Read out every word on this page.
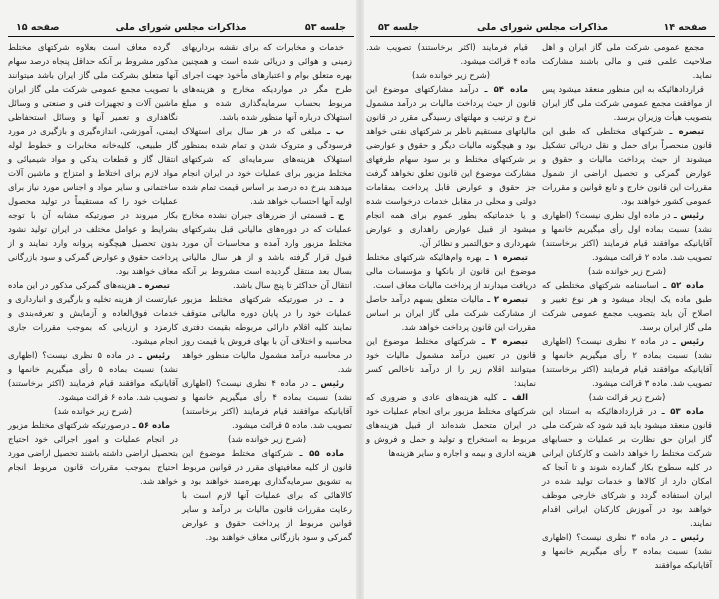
جلسه ۵۳
مذاکرات مجلس شورای ملی
صفحه ۱۵

خدمات و مخابرات که برای نقشه برداریهای زمینی و هوائی و دریائی شده است و همچنین بهره متعلق بوام و اعتبارهای مأخوذ جهت اجرای طرح مگر در مواردیکه مخارج و هزینه‌های مربوط بحساب سرمایه‌گذاری شده و مبلغ استهلاک درباره آنها منظور شده باشد.

ب ـ مبلغی که در هر سال برای استهلاک فرسودگی و متروک شدن و تمام شده بمنظور استهلاک هزینه‌های سرمایه‌ای که شرکتهای مختلط مزبور برای عملیات خود در ایران انجام میدهند بنرخ ده درصد بر اساس قیمت تمام شده اولیه آنها احتساب خواهد شد.

ج ـ قسمتی از ضررهای جبران نشده مخارج عملیات که در دوره‌های مالیاتی قبل بشرکتهای مختلط مزبور وارد آمده و محاسبات آن مورد قبول قرار گرفته باشد و از هر سال مالیاتی بسال بعد منتقل گردیده است مشروط بر آنکه انتقال آن حداکثر تا پنج سال باشد.

د ـ در صورتیکه شرکتهای مختلط مزبور عملیات خود را در پایان دوره مالیاتی متوقف نمایند کلیه اقلام دارائی مربوطه بقیمت دفتری محاسبه و اختلاف آن با بهای فروش یا قیمت روز در محاسبه درآمد مشمول مالیات منظور خواهد شد.

رئیس ـ در ماده ۴ نظری نیست؟ (اظهاری نشد) نسبت بماده ۴ رأی میگیریم خانمها و آقایانیکه موافقند قیام فرمایند (اکثر برخاستند) تصویب شد. ماده ۵ قرائت میشود.

(شرح زیر خوانده شد)

ماده ۵۵ ـ شرکتهای مختلط موضوع این قانون از کلیه معافیتهای مقرر در قوانین مربوط به تشویق سرمایه‌گذاری بهره‌مند خواهند بود و کالاهائی که برای عملیات آنها لازم است با رعایت مقررات قانون مالیات بر درآمد و سایر قوانین مربوط از پرداخت حقوق و عوارض گمرکی و سود بازرگانی معاف خواهند بود.

گرده معاف است بعلاوه شرکتهای مختلط مذکور مشروط بر آنکه حداقل پنجاه درصد سهام آنها متعلق بشرکت ملی گاز ایران باشد میتوانند با تصویب مجمع عمومی شرکت ملی گاز ایران ماشین آلات و تجهیزات فنی و صنعتی و وسائل نگاهداری و تعمیر آنها و وسائل استحفاظی ایمنی، آموزشی، اندازه‌گیری و بازگیری در مورد گاز طبیعی، کلیه‌خانه مخابرات و خطوط لوله انتقال گاز و قطعات یدکی و مواد شیمیائی و مواد لازم برای اختلاط و امتزاج و ماشین آلات ساختمانی و سایر مواد و اجناس مورد نیاز برای عملیات خود را که مستقیماً در تولید محصول بکار میروند در صورتیکه مشابه آن با توجه بشرایط و عوامل مختلف در ایران تولید نشود بدون تحصیل هیچگونه پروانه وارد نمایند و از پرداخت حقوق و عوارض گمرکی و سود بازرگانی معاف خواهند بود.

تبصره ـ هزینه‌های گمرکی مذکور در این ماده عبارتست از هزینه تخلیه و بارگیری و انبارداری و خدمات فوق‌العاده و آزمایش و تعرفه‌بندی و کارمزد و ارزیابی که بموجب مقررات جاری انجام میشود.

رئیس ـ در ماده ۵ نظری نیست؟ (اظهاری نشد) نسبت بماده ۵ رأی میگیریم خانمها و آقایانیکه موافقند قیام فرمایند (اکثر برخاستند) تصویب شد. ماده ۶ قرائت میشود.

(شرح زیر خوانده شد)

ماده ۵۶ ـ درصورتیکه شرکتهای مختلط مزبور در انجام عملیات و امور اجرائی خود احتیاج بتحصیل اراضی داشته باشند تحصیل اراضی مورد احتیاج بموجب مقررات قانون مربوط انجام خواهد شد.

صفحه ۱۴
مذاکرات مجلس شورای ملی
جلسه ۵۳

مجمع عمومی شرکت ملی گاز ایران و اهل صلاحیت علمی فنی و مالی باشند مشارکت نماید.

قراردادهائیکه به این منظور منعقد میشود پس از موافقت مجمع عمومی شرکت ملی گاز ایران بتصویب هیأت وزیران برسد.

تبصره ـ شرکتهای مختلطی که طبق این قانون منحصراً برای حمل و نقل دریائی تشکیل میشوند از حیث پرداخت مالیات و حقوق و عوارض گمرکی و تحصیل اراضی از شمول مقررات این قانون خارج و تابع قوانین و مقررات عمومی کشور خواهند بود.

رئیس ـ در ماده اول نظری نیست؟ (اظهاری نشد) نسبت بماده اول رأی میگیریم خانمها و آقایانیکه موافقند قیام فرمایند (اکثر برخاستند) تصویب شد. ماده ۲ قرائت میشود.

(شرح زیر خوانده شد)

ماده ۵۲ ـ اساسنامه شرکتهای مختلطی که طبق ماده یک ایجاد میشود و هر نوع تغییر و اصلاح آن باید بتصویب مجمع عمومی شرکت ملی گاز ایران برسد.

رئیس ـ در ماده ۲ نظری نیست؟ (اظهاری نشد) نسبت بماده ۲ رأی میگیریم خانمها و آقایانیکه موافقند قیام فرمایند (اکثر برخاستند) تصویب شد. ماده ۳ قرائت میشود.

(شرح زیر قرائت شد)

ماده ۵۳ ـ در قراردادهائیکه به استناد این قانون منعقد میشود باید قید شود که شرکت ملی گاز ایران حق نظارت بر عملیات و حسابهای شرکت مختلط را خواهد داشت و کارکنان ایرانی در کلیه سطوح بکار گمارده شوند و تا آنجا که امکان دارد از کالاها و خدمات تولید شده در ایران استفاده گردد و شرکای خارجی موظف خواهند بود در آموزش کارکنان ایرانی اقدام نمایند.

رئیس ـ در ماده ۳ نظری نیست؟ (اظهاری نشد) نسبت بماده ۳ رأی میگیریم خانمها و آقایانیکه موافقند

قیام فرمایند (اکثر برخاستند) تصویب شد. ماده ۴ قرائت میشود.

(شرح زیر خوانده شد)

ماده ۵۴ ـ درآمد مشارکتهای موضوع این قانون از حیث پرداخت مالیات بر درآمد مشمول نرخ و ترتیب و مهلتهای رسیدگی مقرر در قانون مالیاتهای مستقیم ناظر بر شرکتهای نفتی خواهد بود و هیچگونه مالیات دیگر و حقوق و عوارضی بر شرکتهای مختلط و بر سود سهام طرفهای مشارکت موضوع این قانون تعلق نخواهد گرفت جز حقوق و عوارض قابل پرداخت بمقامات دولتی و محلی در مقابل خدمات درخواست شده و یا خدماتیکه بطور عموم برای همه انجام میشود از قبیل عوارض راهداری و عوارض شهرداری و حق‌التمبر و نظائر آن.

تبصره ۱ ـ بهره وام‌هائیکه شرکتهای مختلط موضوع این قانون از بانکها و مؤسسات مالی دریافت میدارند از پرداخت مالیات معاف است.

تبصره ۲ ـ مالیات متعلق بسهم درآمد حاصل از مشارکت شرکت ملی گاز ایران بر اساس مقررات این قانون پرداخت خواهد شد.

تبصره ۳ ـ شرکتهای مختلط موضوع این قانون در تعیین درآمد مشمول مالیات خود میتوانند اقلام زیر را از درآمد ناخالص کسر نمایند:

الف ـ کلیه هزینه‌های عادی و ضروری که شرکتهای مختلط مزبور برای انجام عملیات خود در ایران متحمل شده‌اند از قبیل هزینه‌های مربوط به استخراج و تولید و حمل و فروش و هزینه اداری و بیمه و اجاره و سایر هزینه‌ها
